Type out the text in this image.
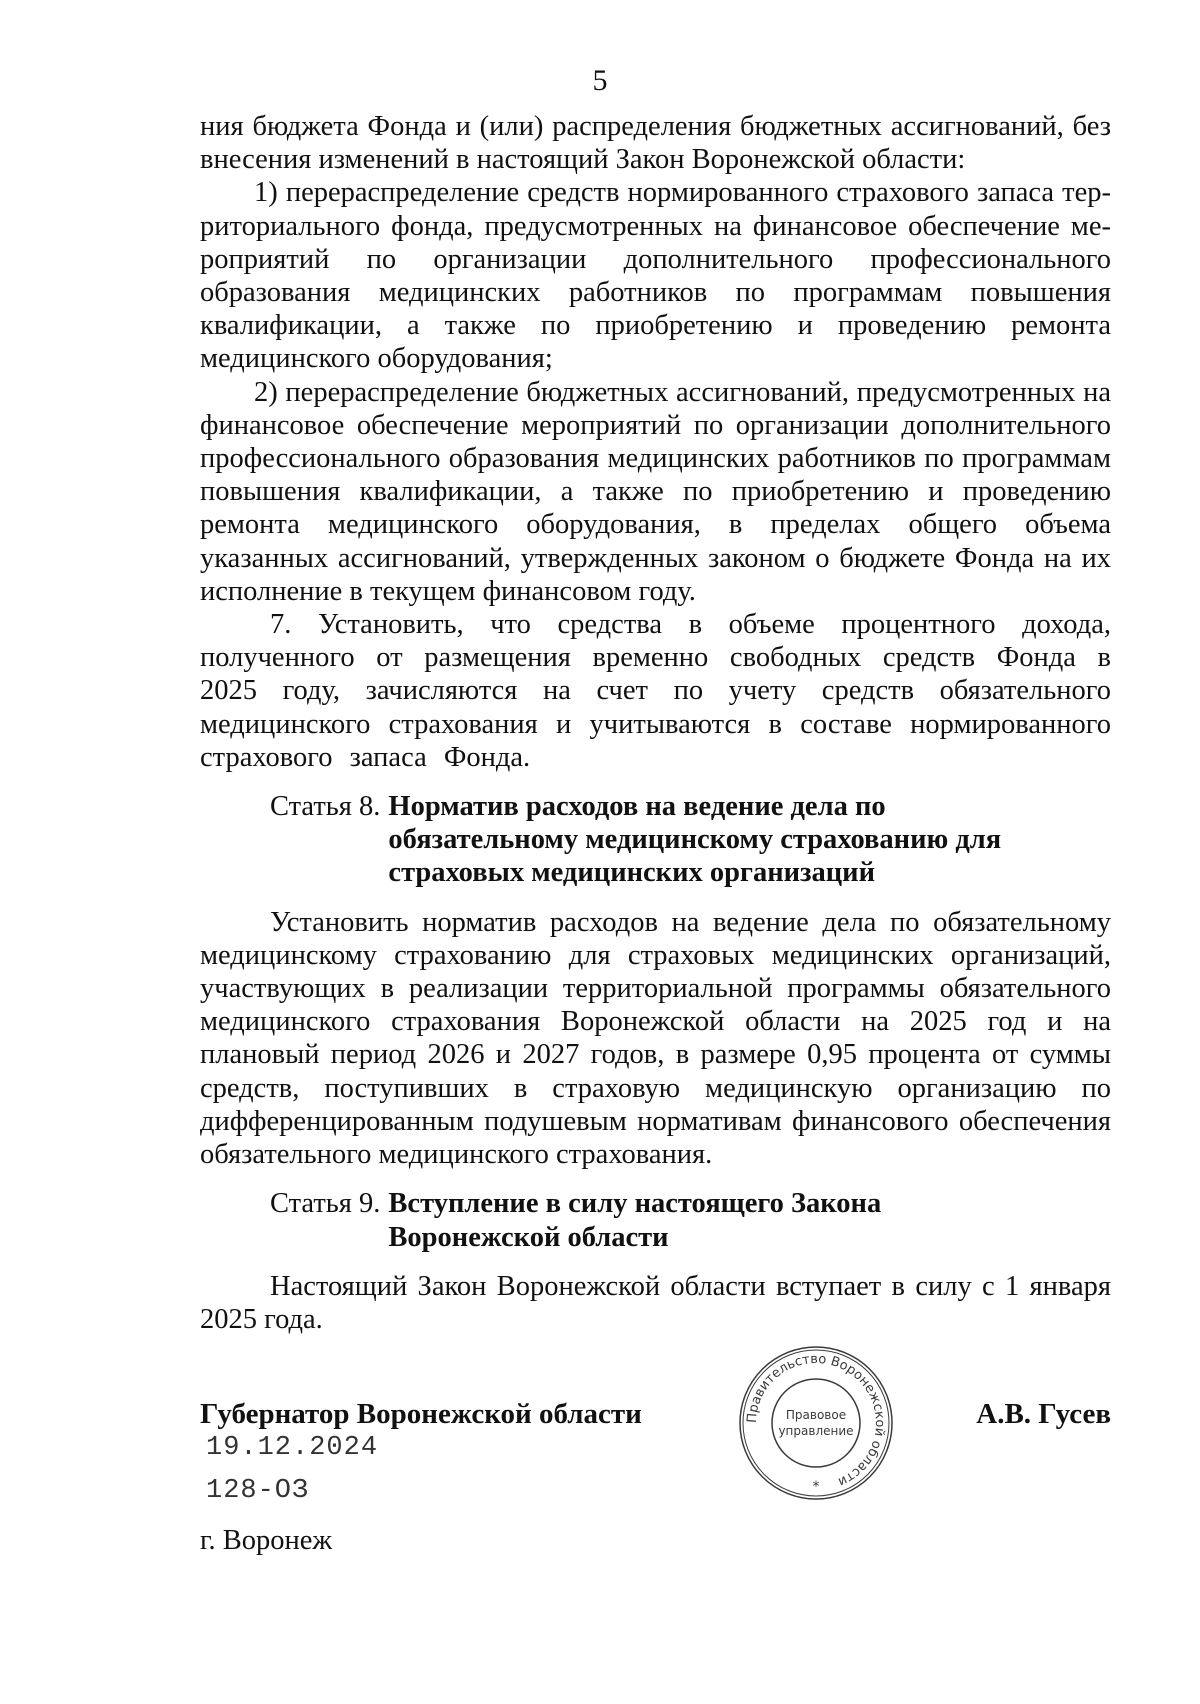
5

ния бюджета Фонда и (или) распределения бюджетных ассигнований, без внесения изменений в настоящий Закон Воронежской области:

1) перераспределение средств нормированного страхового запаса территориального фонда, предусмотренных на финансовое обеспечение мероприятий по организации дополнительного профессионального образования медицинских работников по программам повышения квалификации, а также по приобретению и проведению ремонта медицинского оборудования;

2) перераспределение бюджетных ассигнований, предусмотренных на финансовое обеспечение мероприятий по организации дополнительного профессионального образования медицинских работников по программам повышения квалификации, а также по приобретению и проведению ремонта медицинского оборудования, в пределах общего объема указанных ассигнований, утвержденных законом о бюджете Фонда на их исполнение в текущем финансовом году.

7. Установить, что средства в объеме процентного дохода, полученного от размещения временно свободных средств Фонда в 2025 году, зачисляются на счет по учету средств обязательного медицинского страхования и учитываются в составе нормированного страхового запаса Фонда.

Статья 8. Норматив расходов на ведение дела по обязательному медицинскому страхованию для страховых медицинских организаций

Установить норматив расходов на ведение дела по обязательному медицинскому страхованию для страховых медицинских организаций, участвующих в реализации территориальной программы обязательного медицинского страхования Воронежской области на 2025 год и на плановый период 2026 и 2027 годов, в размере 0,95 процента от суммы средств, поступивших в страховую медицинскую организацию по дифференцированным подушевым нормативам финансового обеспечения обязательного медицинского страхования.

Статья 9. Вступление в силу настоящего Закона Воронежской области

Настоящий Закон Воронежской области вступает в силу с 1 января 2025 года.

Губернатор Воронежской области	А.В. Гусев
19.12.2024
128-ОЗ
г. Воронеж
Правительство Воронежской области
Правовое
управление
*
